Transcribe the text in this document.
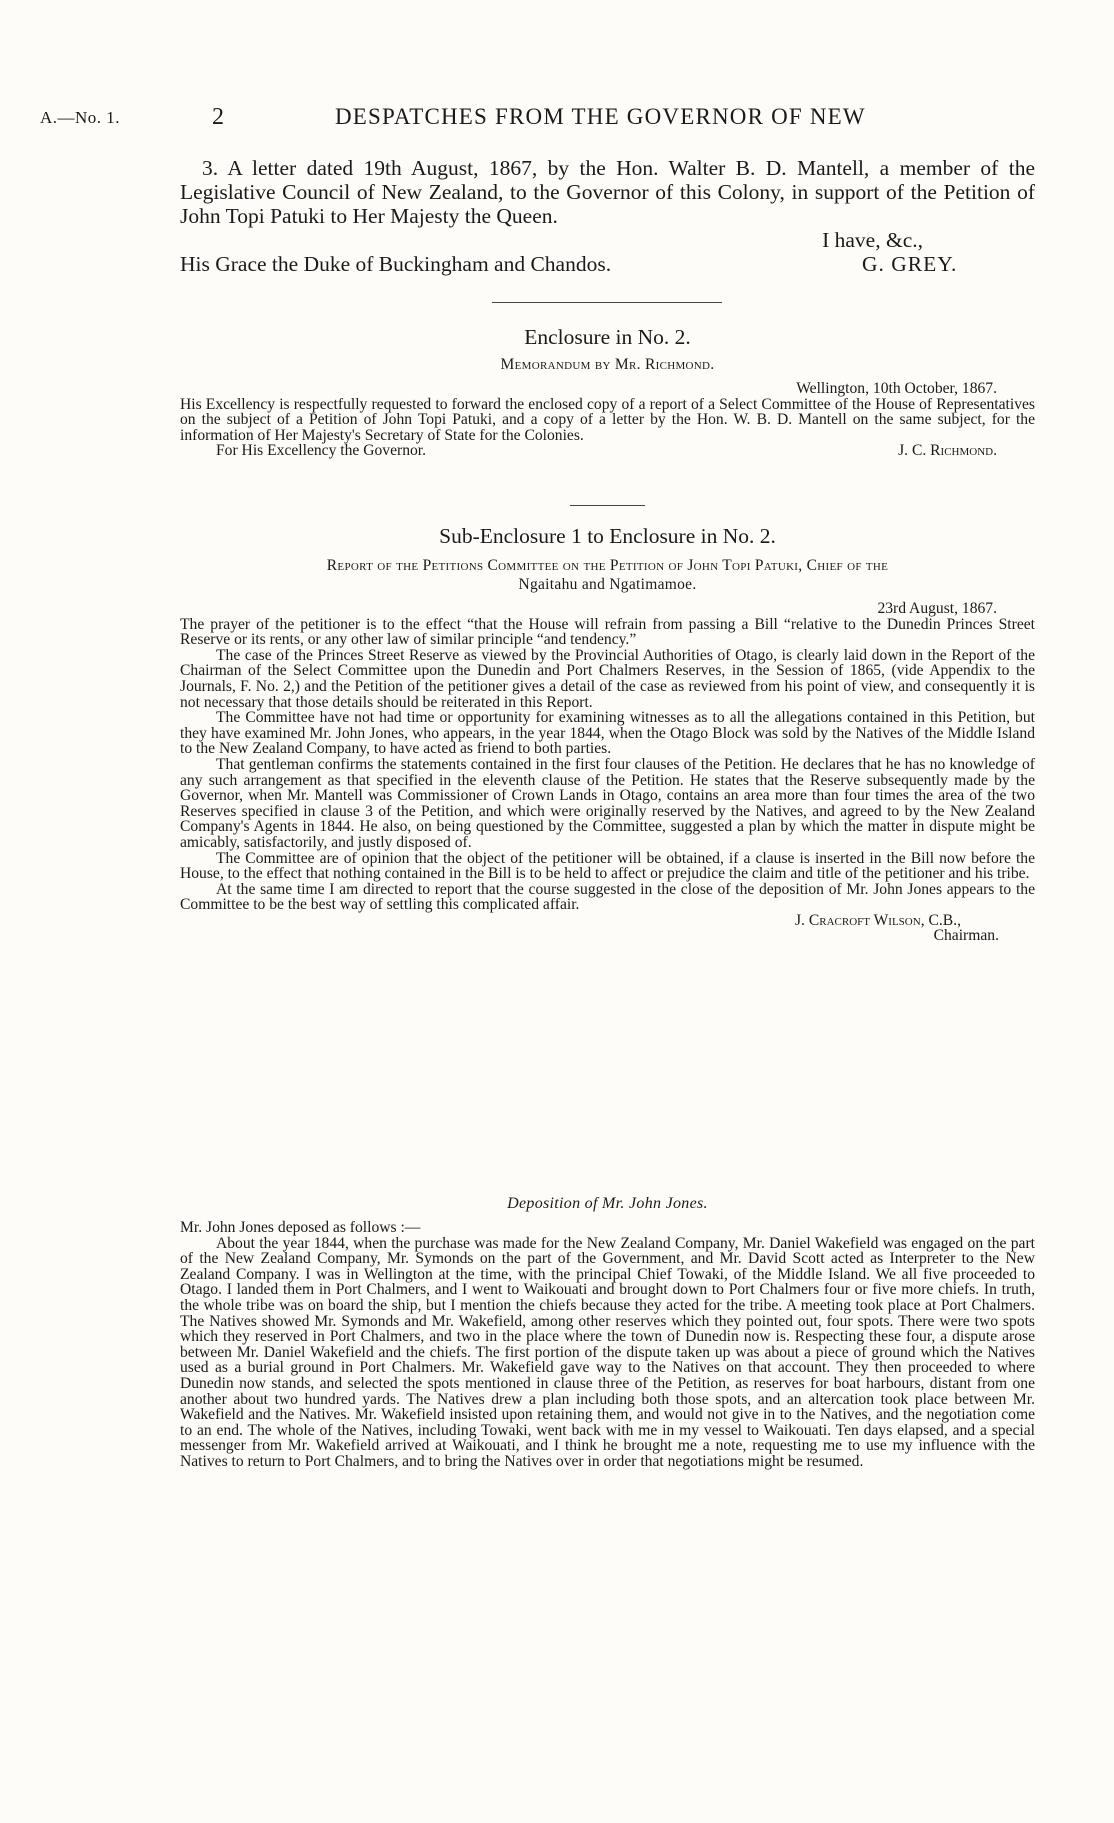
A.—No. 1.	2	DESPATCHES FROM THE GOVERNOR OF NEW

3. A letter dated 19th August, 1867, by the Hon. Walter B. D. Mantell, a member of the Legislative Council of New Zealand, to the Governor of this Colony, in support of the Petition of John Topi Patuki to Her Majesty the Queen.

I have, &c.,

His Grace the Duke of Buckingham and Chandos.	G. GREY.
Enclosure in No. 2.
Memorandum by Mr. Richmond.

Wellington, 10th October, 1867.

His Excellency is respectfully requested to forward the enclosed copy of a report of a Select Committee of the House of Representatives on the subject of a Petition of John Topi Patuki, and a copy of a letter by the Hon. W. B. D. Mantell on the same subject, for the information of Her Majesty's Secretary of State for the Colonies.

For His Excellency the Governor.	J. C. Richmond.
Sub-Enclosure 1 to Enclosure in No. 2.
Report of the Petitions Committee on the Petition of John Topi Patuki, Chief of the
Ngaitahu and Ngatimamoe.

23rd August, 1867.

The prayer of the petitioner is to the effect “that the House will refrain from passing a Bill “relative to the Dunedin Princes Street Reserve or its rents, or any other law of similar principle “and tendency.”

The case of the Princes Street Reserve as viewed by the Provincial Authorities of Otago, is clearly laid down in the Report of the Chairman of the Select Committee upon the Dunedin and Port Chalmers Reserves, in the Session of 1865, (vide Appendix to the Journals, F. No. 2,) and the Petition of the petitioner gives a detail of the case as reviewed from his point of view, and consequently it is not necessary that those details should be reiterated in this Report.

The Committee have not had time or opportunity for examining witnesses as to all the allegations contained in this Petition, but they have examined Mr. John Jones, who appears, in the year 1844, when the Otago Block was sold by the Natives of the Middle Island to the New Zealand Company, to have acted as friend to both parties.

That gentleman confirms the statements contained in the first four clauses of the Petition. He declares that he has no knowledge of any such arrangement as that specified in the eleventh clause of the Petition. He states that the Reserve subsequently made by the Governor, when Mr. Mantell was Commissioner of Crown Lands in Otago, contains an area more than four times the area of the two Reserves specified in clause 3 of the Petition, and which were originally reserved by the Natives, and agreed to by the New Zealand Company's Agents in 1844. He also, on being questioned by the Committee, suggested a plan by which the matter in dispute might be amicably, satisfactorily, and justly disposed of.

The Committee are of opinion that the object of the petitioner will be obtained, if a clause is inserted in the Bill now before the House, to the effect that nothing contained in the Bill is to be held to affect or prejudice the claim and title of the petitioner and his tribe.

At the same time I am directed to report that the course suggested in the close of the deposition of Mr. John Jones appears to the Committee to be the best way of settling this complicated affair.

J. Cracroft Wilson, C.B.,

Chairman.

Deposition of Mr. John Jones.

Mr. John Jones deposed as follows :—

About the year 1844, when the purchase was made for the New Zealand Company, Mr. Daniel Wakefield was engaged on the part of the New Zealand Company, Mr. Symonds on the part of the Government, and Mr. David Scott acted as Interpreter to the New Zealand Company. I was in Wellington at the time, with the principal Chief Towaki, of the Middle Island. We all five proceeded to Otago. I landed them in Port Chalmers, and I went to Waikouati and brought down to Port Chalmers four or five more chiefs. In truth, the whole tribe was on board the ship, but I mention the chiefs because they acted for the tribe. A meeting took place at Port Chalmers. The Natives showed Mr. Symonds and Mr. Wakefield, among other reserves which they pointed out, four spots. There were two spots which they reserved in Port Chalmers, and two in the place where the town of Dunedin now is. Respecting these four, a dispute arose between Mr. Daniel Wakefield and the chiefs. The first portion of the dispute taken up was about a piece of ground which the Natives used as a burial ground in Port Chalmers. Mr. Wakefield gave way to the Natives on that account. They then proceeded to where Dunedin now stands, and selected the spots mentioned in clause three of the Petition, as reserves for boat harbours, distant from one another about two hundred yards. The Natives drew a plan including both those spots, and an altercation took place between Mr. Wakefield and the Natives. Mr. Wakefield insisted upon retaining them, and would not give in to the Natives, and the negotiation come to an end. The whole of the Natives, including Towaki, went back with me in my vessel to Waikouati. Ten days elapsed, and a special messenger from Mr. Wakefield arrived at Waikouati, and I think he brought me a note, requesting me to use my influence with the Natives to return to Port Chalmers, and to bring the Natives over in order that negotiations might be resumed.
